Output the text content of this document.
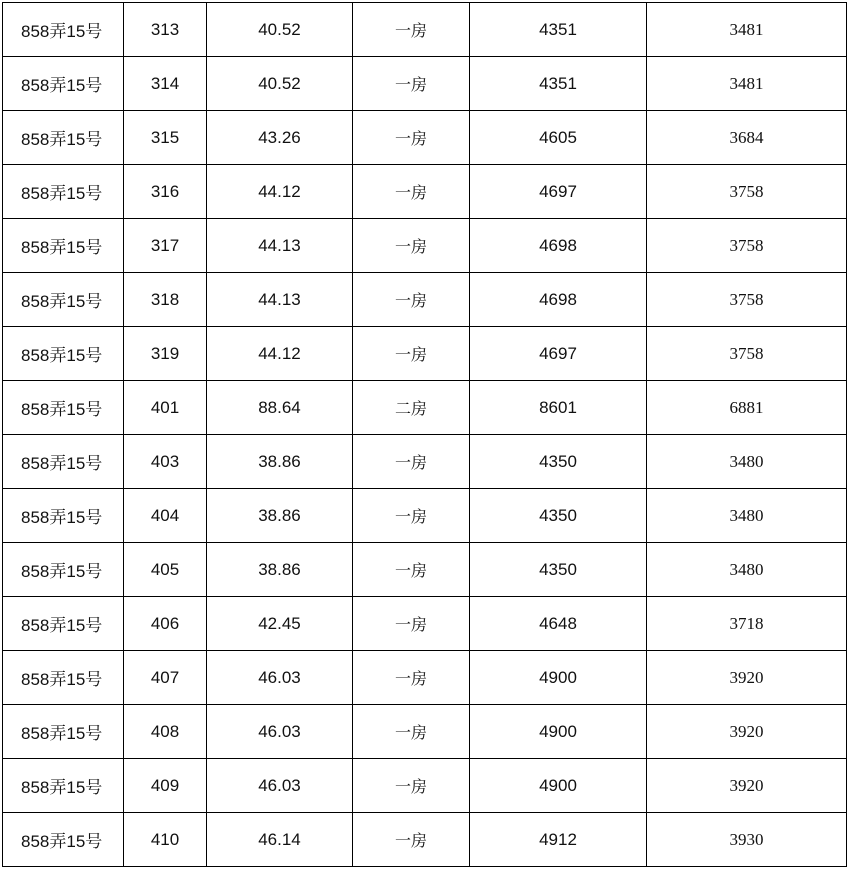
858弄15号	313	40.52	一房	4351	3481
858弄15号	314	40.52	一房	4351	3481
858弄15号	315	43.26	一房	4605	3684
858弄15号	316	44.12	一房	4697	3758
858弄15号	317	44.13	一房	4698	3758
858弄15号	318	44.13	一房	4698	3758
858弄15号	319	44.12	一房	4697	3758
858弄15号	401	88.64	二房	8601	6881
858弄15号	403	38.86	一房	4350	3480
858弄15号	404	38.86	一房	4350	3480
858弄15号	405	38.86	一房	4350	3480
858弄15号	406	42.45	一房	4648	3718
858弄15号	407	46.03	一房	4900	3920
858弄15号	408	46.03	一房	4900	3920
858弄15号	409	46.03	一房	4900	3920
858弄15号	410	46.14	一房	4912	3930
